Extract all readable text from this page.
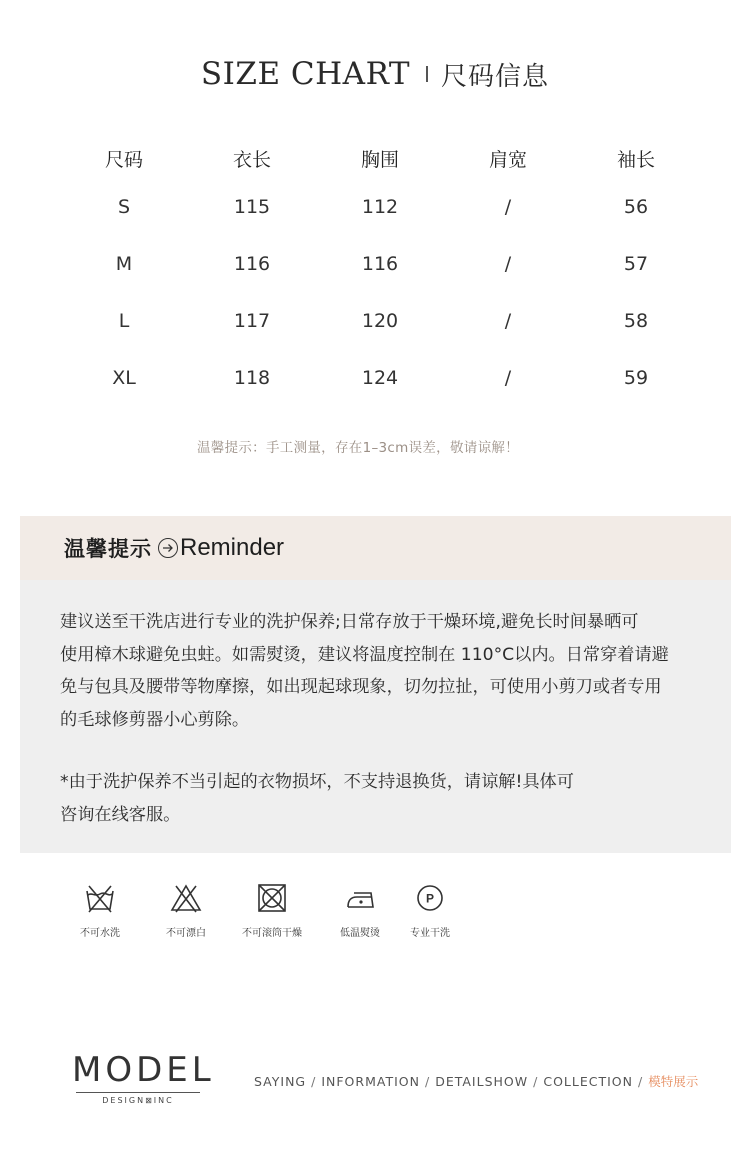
SIZE CHART 尺码信息
尺码	衣长	胸围	肩宽	袖长
S	115	112	/	56
M	116	116	/	57
L	117	120	/	58
XL	118	124	/	59
温馨提示：手工测量，存在1–3cm误差，敬请谅解！
温馨提示 Reminder

建议送至干洗店进行专业的洗护保养;日常存放于干燥环境,避免长时间暴晒可

使用樟木球避免虫蛀。如需熨烫，建议将温度控制在 110°C以内。日常穿着请避

免与包具及腰带等物摩擦，如出现起球现象，切勿拉扯，可使用小剪刀或者专用

的毛球修剪器小心剪除。

*由于洗护保养不当引起的衣物损坏，不支持退换货，请谅解!具体可

咨询在线客服。

不可水洗	不可漂白	不可滚筒干燥	低温熨烫
P
专业干洗
MODEL
DESIGN⊠INC
SAYING / INFORMATION / DETAILSHOW / COLLECTION / 模特展示
